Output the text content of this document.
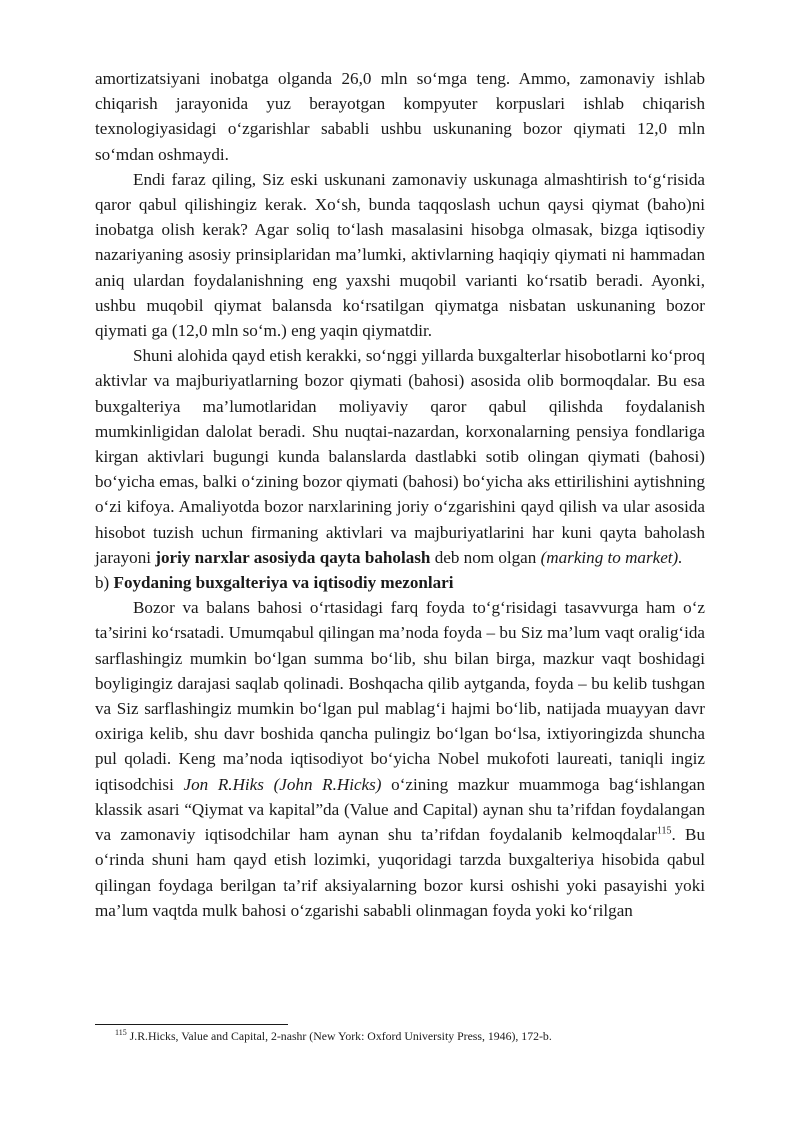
amortizatsiyani inobatga olganda 26,0 mln so‘mga teng. Ammo, zamonaviy ishlab chiqarish jarayonida yuz berayotgan kompyuter korpuslari ishlab chiqarish texnologiyasidagi o‘zgarishlar sababli ushbu uskunaning bozor qiymati 12,0 mln so‘mdan oshmaydi.

Endi faraz qiling, Siz eski uskunani zamonaviy uskunaga almashtirish to‘g‘risida qaror qabul qilishingiz kerak. Xo‘sh, bunda taqqoslash uchun qaysi qiymat (baho)ni inobatga olish kerak? Agar soliq to‘lash masalasini hisobga olmasak, bizga iqtisodiy nazariyaning asosiy prinsiplaridan ma’lumki, aktivlarning haqiqiy qiymati ni hammadan aniq ulardan foydalanishning eng yaxshi muqobil varianti ko‘rsatib beradi. Ayonki, ushbu muqobil qiymat balansda ko‘rsatilgan qiymatga nisbatan uskunaning bozor qiymati ga (12,0 mln so‘m.) eng yaqin qiymatdir.

Shuni alohida qayd etish kerakki, so‘nggi yillarda buxgalterlar hisobotlarni ko‘proq aktivlar va majburiyatlarning bozor qiymati (bahosi) asosida olib bormoqdalar. Bu esa buxgalteriya ma’lumotlaridan moliyaviy qaror qabul qilishda foydalanish mumkinligidan dalolat beradi. Shu nuqtai-nazardan, korxonalarning pensiya fondlariga kirgan aktivlari bugungi kunda balanslarda dastlabki sotib olingan qiymati (bahosi) bo‘yicha emas, balki o‘zining bozor qiymati (bahosi) bo‘yicha aks ettirilishini aytishning o‘zi kifoya. Amaliyotda bozor narxlarining joriy o‘zgarishini qayd qilish va ular asosida hisobot tuzish uchun firmaning aktivlari va majburiyatlarini har kuni qayta baholash jarayoni joriy narxlar asosiyda qayta baholash deb nom olgan (marking to market).

b) Foydaning buxgalteriya va iqtisodiy mezonlari

Bozor va balans bahosi o‘rtasidagi farq foyda to‘g‘risidagi tasavvurga ham o‘z ta’sirini ko‘rsatadi. Umumqabul qilingan ma’noda foyda – bu Siz ma’lum vaqt oralig‘ida sarflashingiz mumkin bo‘lgan summa bo‘lib, shu bilan birga, mazkur vaqt boshidagi boyligingiz darajasi saqlab qolinadi. Boshqacha qilib aytganda, foyda – bu kelib tushgan va Siz sarflashingiz mumkin bo‘lgan pul mablag‘i hajmi bo‘lib, natijada muayyan davr oxiriga kelib, shu davr boshida qancha pulingiz bo‘lgan bo‘lsa, ixtiyoringizda shuncha pul qoladi. Keng ma’noda iqtisodiyot bo‘yicha Nobel mukofoti laureati, taniqli ingiz iqtisodchisi Jon R.Hiks (John R.Hicks) o‘zining mazkur muammoga bag‘ishlangan klassik asari “Qiymat va kapital”da (Value and Capital) aynan shu ta’rifdan foydalangan va zamonaviy iqtisodchilar ham aynan shu ta’rifdan foydalanib kelmoqdalar$^{115}$. Bu o‘rinda shuni ham qayd etish lozimki, yuqoridagi tarzda buxgalteriya hisobida qabul qilingan foydaga berilgan ta’rif aksiyalarning bozor kursi oshishi yoki pasayishi yoki ma’lum vaqtda mulk bahosi o‘zgarishi sababli olinmagan foyda yoki ko‘rilgan

$^{115}$ J.R.Hicks, Value and Capital, 2-nashr (New York: Oxford University Press, 1946), 172-b.
